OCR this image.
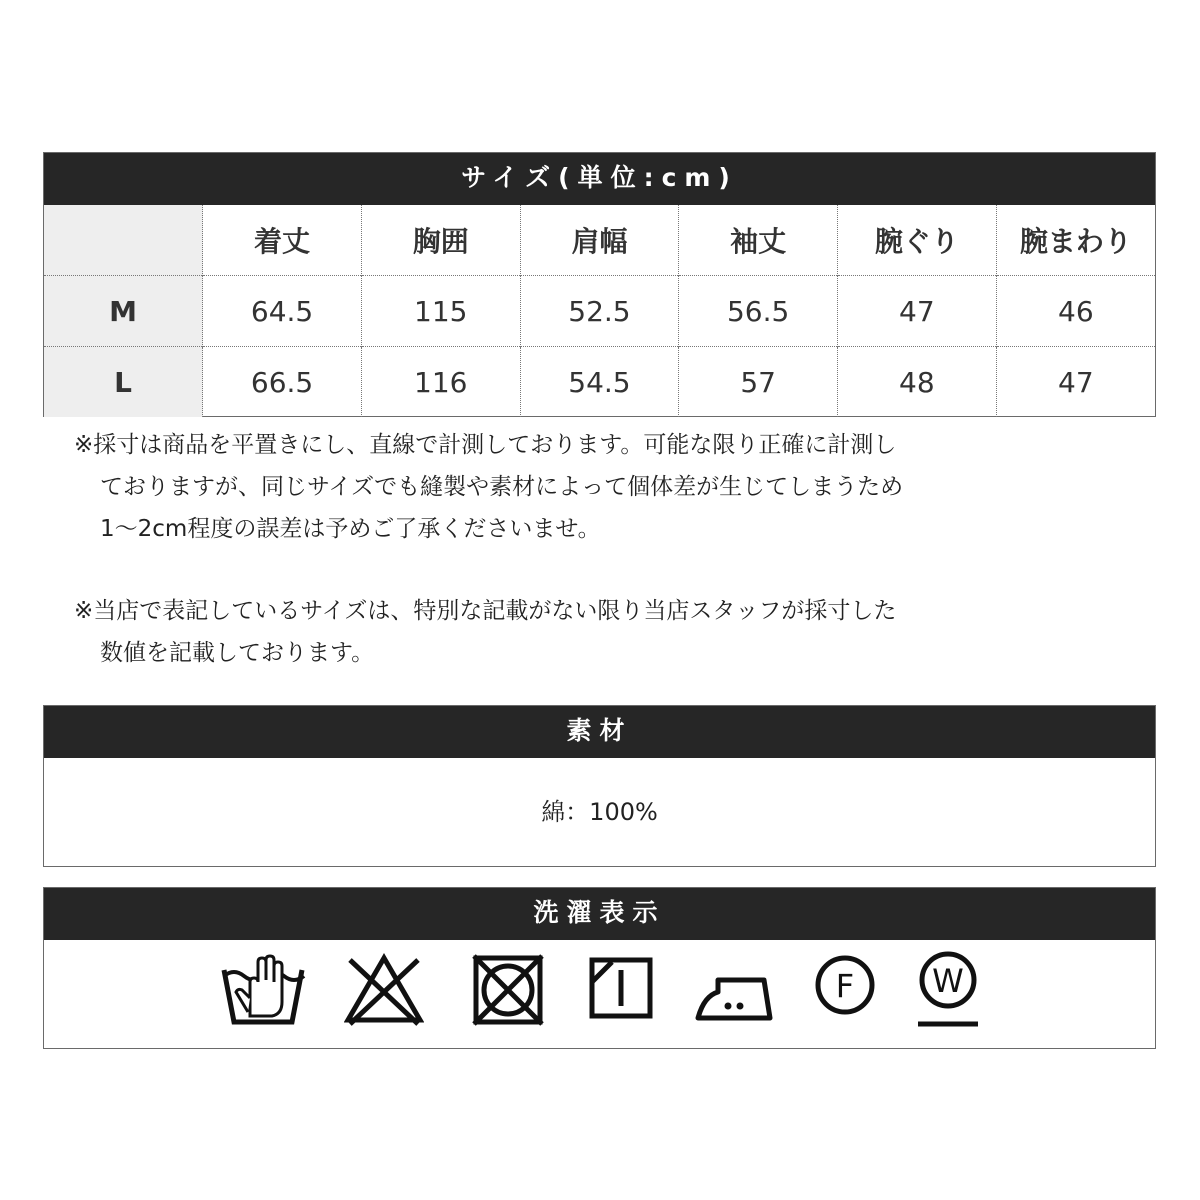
サイズ(単位:cm)
	着丈	胸囲	肩幅	袖丈	腕ぐり	腕まわり
M	64.5	115	52.5	56.5	47	46
L	66.5	116	54.5	57	48	47
※採寸は商品を平置きにし、直線で計測しております。可能な限り正確に計測し
ておりますが、同じサイズでも縫製や素材によって個体差が生じてしまうため
1～2cm程度の誤差は予めご了承くださいませ。
※当店で表記しているサイズは、特別な記載がない限り当店スタッフが採寸した
数値を記載しております。
素材
綿：100%
洗濯表示
F W
